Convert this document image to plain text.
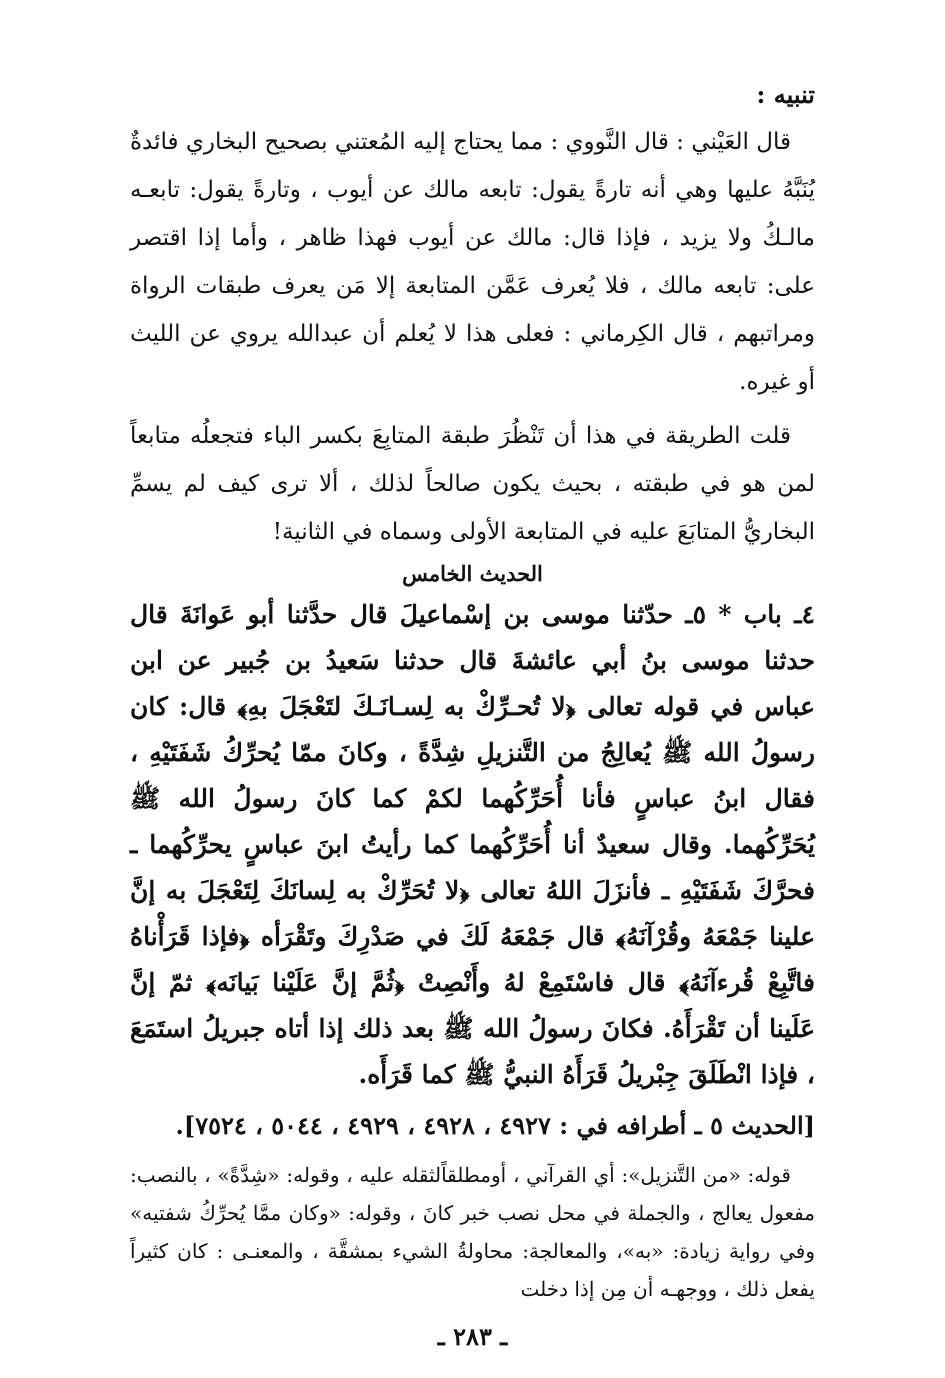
تنبيه :

قال العَيْني : قال النَّووي : مما يحتاج إليه المُعتني بصحيح البخاري فائدةٌ يُنَبَّهُ عليها وهي أنه تارةً يقول: تابعه مالك عن أيوب ، وتارةً يقول: تابعـه مالـكُ ولا يزيد ، فإذا قال: مالك عن أيوب فهذا ظاهر ، وأما إذا اقتصر على: تابعه مالك ، فلا يُعرف عَمَّن المتابعة إلا مَن يعرف طبقات الرواة ومراتبهم ، قال الكِرماني : فعلى هذا لا يُعلم أن عبدالله يروي عن الليث أو غيره.

قلت الطريقة في هذا أن تَنْظُرَ طبقة المتابِعَ بكسر الباء فتجعلُه متابعاً لمن هو في طبقته ، بحيث يكون صالحاً لذلك ، ألا ترى كيف لم يسمِّ البخاريُّ المتابَعَ عليه في المتابعة الأولى وسماه في الثانية!

الحديث الخامس

٤ـ باب * ٥ـ حدّثنا موسى بن إسْماعيلَ قال حدَّثنا أبو عَوانَةَ قال حدثنا موسى بنُ أبي عائشةَ قال حدثنا سَعيدُ بن جُبير عن ابن عباس في قوله تعالى ﴿لا تُحـرِّكْ به لِسـانَـكَ لتَعْجَلَ بهِ﴾ قال: كان رسولُ الله ﷺ يُعالِجُ من التَّنزيلِ شِدَّةً ، وكانَ ممّا يُحرِّكُ شَفَتَيْهِ ، فقال ابنُ عباسٍ فأنا أُحَرِّكُهما لكمْ كما كانَ رسولُ الله ﷺ يُحَرِّكُهما. وقال سعيدٌ أنا أُحَرِّكُهما كما رأيتُ ابنَ عباسٍ يحرِّكُهما ـ فحرَّكَ شَفَتَيْهِ ـ فأنزَلَ اللهُ تعالى ﴿لا تُحَرِّكْ به لِسانَكَ لِتَعْجَلَ به إنَّ علينا جَمْعَهُ وقُرْآنَهُ﴾ قال جَمْعَهُ لَكَ في صَدْرِكَ وتَقْرَأه ﴿فإذا قَرَأْناهُ فاتَّبِعْ قُرءآنَهُ﴾ قال فاسْتَمِعْ لهُ وأَنْصِتْ ﴿ثُمَّ إنَّ عَلَيْنا بَيانَه﴾ ثمّ إنَّ عَلَينا أن تَقْرَأَهُ. فكانَ رسولُ الله ﷺ بعد ذلك إذا أتاه جبريلُ استَمَعَ ، فإذا انْطَلَقَ جِبْريلُ قَرَأَهُ النبيُّ ﷺ كما قَرَأَه.

[الحديث ٥ ـ أطرافه في : ٤٩٢٧ ، ٤٩٢٨ ، ٤٩٢٩ ، ٥٠٤٤ ، ٧٥٢٤].

قوله: «من التَّنزيل»: أي القرآني ، أومطلقاًلثقله عليه ، وقوله: «شِدَّةً» ، بالنصب: مفعول يعالج ، والجملة في محل نصب خبر كانَ ، وقوله: «وكان ممَّا يُحرِّكُ شفتيه» وفي رواية زيادة: «به»، والمعالجة: محاولةُ الشيء بمشقَّة ، والمعنـى : كان كثيراً يفعل ذلك ، ووجهـه أن مِن إذا دخلت

ـ ٢٨٣ ـ
